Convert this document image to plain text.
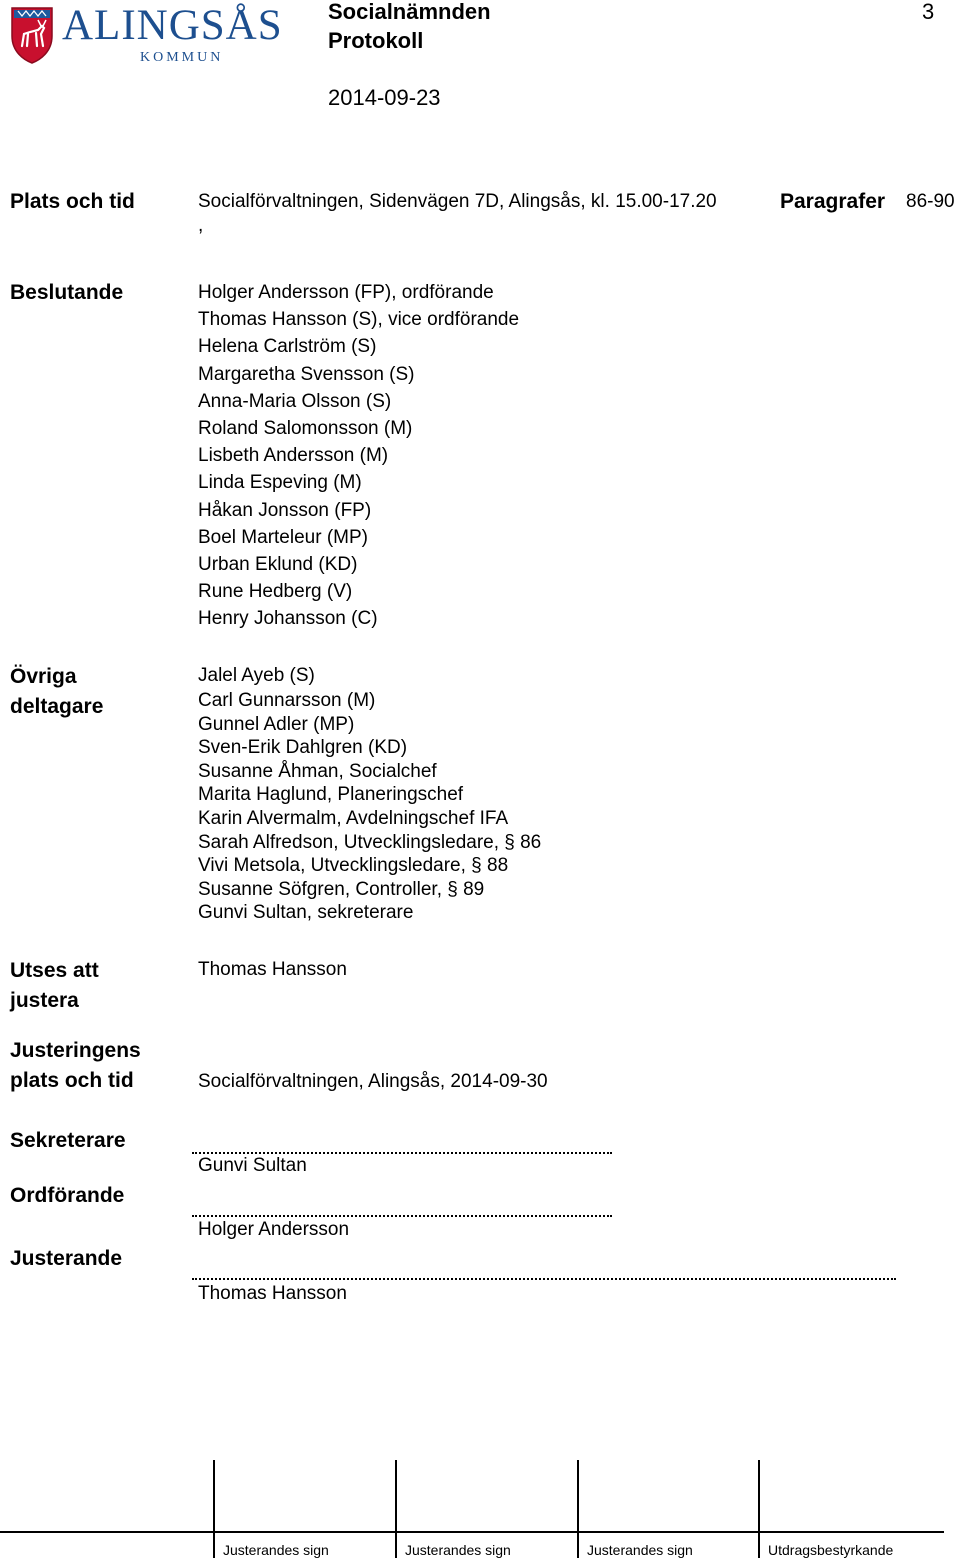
ALINGSÅS
KOMMUN
Socialnämnden
Protokoll
2014-09-23
3
Plats och tid	Socialförvaltningen, Sidenvägen 7D, Alingsås, kl. 15.00-17.20
,
Paragrafer 86-90
Beslutande	Holger Andersson (FP), ordförande
Thomas Hansson (S), vice ordförande
Helena Carlström (S)
Margaretha Svensson (S)
Anna-Maria Olsson (S)
Roland Salomonsson (M)
Lisbeth Andersson (M)
Linda Espeving (M)
Håkan Jonsson (FP)
Boel Marteleur (MP)
Urban Eklund (KD)
Rune Hedberg (V)
Henry Johansson (C)
Övriga
deltagare
Jalel Ayeb (S)
Carl Gunnarsson (M)
Gunnel Adler (MP)
Sven-Erik Dahlgren (KD)
Susanne Åhman, Socialchef
Marita Haglund, Planeringschef
Karin Alvermalm, Avdelningschef IFA
Sarah Alfredson, Utvecklingsledare, § 86
Vivi Metsola, Utvecklingsledare, § 88
Susanne Söfgren, Controller, § 89
Gunvi Sultan, sekreterare
Utses att
justera
Thomas Hansson
Justeringens
plats och tid	Socialförvaltningen, Alingsås, 2014-09-30
Sekreterare
Gunvi Sultan
Ordförande
Holger Andersson
Justerande
Thomas Hansson
Justerandes sign	Justerandes sign	Justerandes sign	Utdragsbestyrkande
